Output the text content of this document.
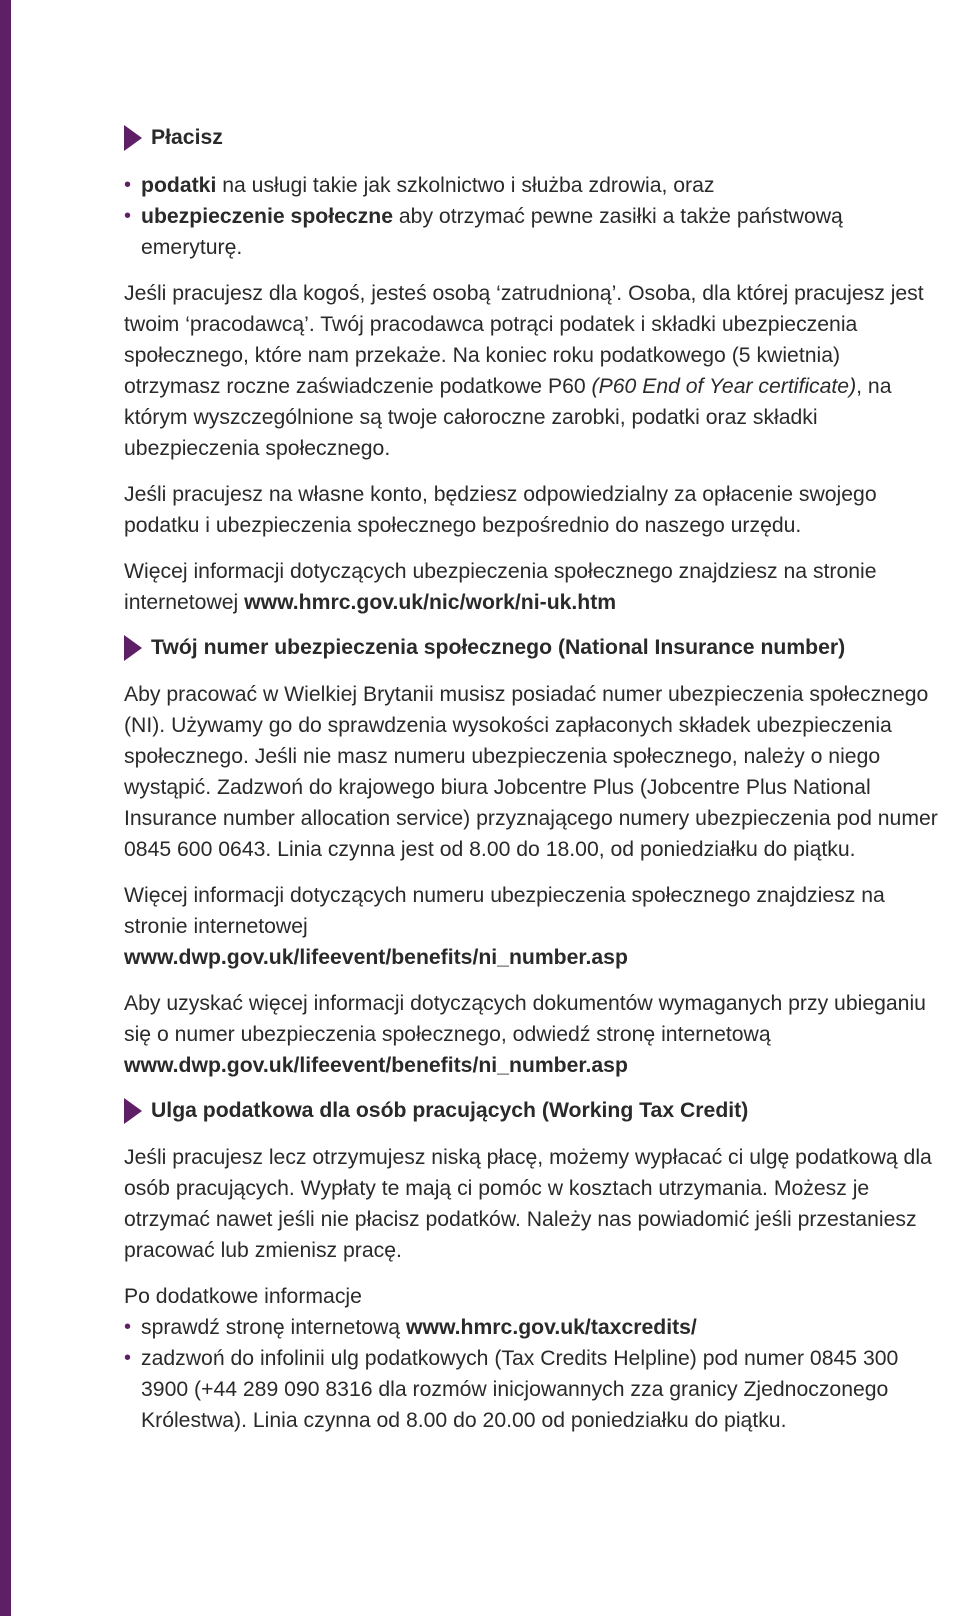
Płacisz
• podatki na usługi takie jak szkolnictwo i służba zdrowia, oraz
• ubezpieczenie społeczne aby otrzymać pewne zasiłki a także państwową emeryturę.

Jeśli pracujesz dla kogoś, jesteś osobą ‘zatrudnioną’. Osoba, dla której pracujesz jest twoim ‘pracodawcą’. Twój pracodawca potrąci podatek i składki ubezpieczenia społecznego, które nam przekaże. Na koniec roku podatkowego (5 kwietnia) otrzymasz roczne zaświadczenie podatkowe P60 (P60 End of Year certificate), na którym wyszczególnione są twoje całoroczne zarobki, podatki oraz składki ubezpieczenia społecznego.

Jeśli pracujesz na własne konto, będziesz odpowiedzialny za opłacenie swojego podatku i ubezpieczenia społecznego bezpośrednio do naszego urzędu.

Więcej informacji dotyczących ubezpieczenia społecznego znajdziesz na stronie internetowej www.hmrc.gov.uk/nic/work/ni-uk.htm

Twój numer ubezpieczenia społecznego (National Insurance number)

Aby pracować w Wielkiej Brytanii musisz posiadać numer ubezpieczenia społecznego (NI). Używamy go do sprawdzenia wysokości zapłaconych składek ubezpieczenia społecznego. Jeśli nie masz numeru ubezpieczenia społecznego, należy o niego wystąpić. Zadzwoń do krajowego biura Jobcentre Plus (Jobcentre Plus National Insurance number allocation service) przyznającego numery ubezpieczenia pod numer 0845 600 0643. Linia czynna jest od 8.00 do 18.00, od poniedziałku do piątku.

Więcej informacji dotyczących numeru ubezpieczenia społecznego znajdziesz na stronie internetowej
www.dwp.gov.uk/lifeevent/benefits/ni_number.asp

Aby uzyskać więcej informacji dotyczących dokumentów wymaganych przy ubieganiu się o numer ubezpieczenia społecznego, odwiedź stronę internetową www.dwp.gov.uk/lifeevent/benefits/ni_number.asp

Ulga podatkowa dla osób pracujących (Working Tax Credit)

Jeśli pracujesz lecz otrzymujesz niską płacę, możemy wypłacać ci ulgę podatkową dla osób pracujących. Wypłaty te mają ci pomóc w kosztach utrzymania. Możesz je otrzymać nawet jeśli nie płacisz podatków. Należy nas powiadomić jeśli przestaniesz pracować lub zmienisz pracę.

Po dodatkowe informacje

• sprawdź stronę internetową www.hmrc.gov.uk/taxcredits/
• zadzwoń do infolinii ulg podatkowych (Tax Credits Helpline) pod numer 0845 300 3900 (+44 289 090 8316 dla rozmów inicjowannych zza granicy Zjednoczonego Królestwa). Linia czynna od 8.00 do 20.00 od poniedziałku do piątku.
